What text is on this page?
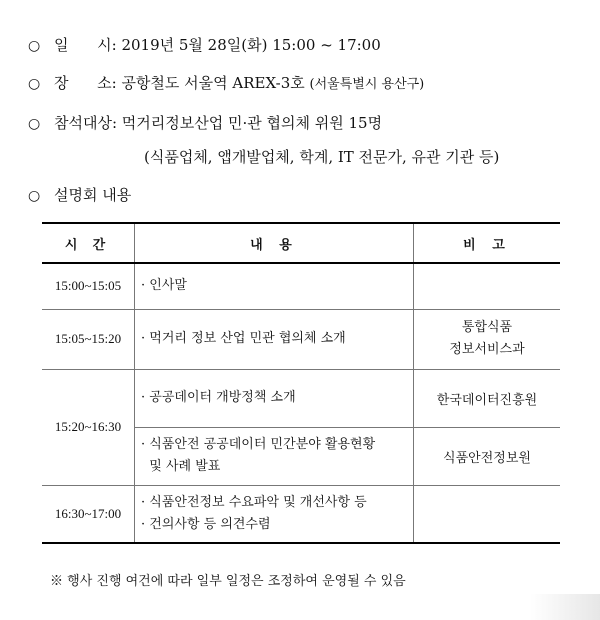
○ 일      시: 2019년 5월 28일(화) 15:00 ~ 17:00
○ 장      소: 공항철도 서울역 AREX-3호 (서울특별시 용산구)
○ 참석대상: 먹거리정보산업 민·관 협의체 위원 15명
(식품업체, 앱개발업체, 학계, IT 전문가, 유관 기관 등)
○ 설명회 내용
시 간	내 용	비 고
15:00~15:05	· 인사말	

15:05~15:20	· 먹거리 정보 산업 민관 협의체 소개	통합식품
정보서비스과
15:20~16:30	· 공공데이터 개방정책 소개	한국데이터진흥원

	· 식품안전 공공데이터 민간분야 활용현황
및 사례 발표	식품안전정보원
16:30~17:00	· 식품안전정보 수요파악 및 개선사항 등
· 건의사항 등 의견수렴	

※ 행사 진행 여건에 따라 일부 일정은 조정하여 운영될 수 있음
